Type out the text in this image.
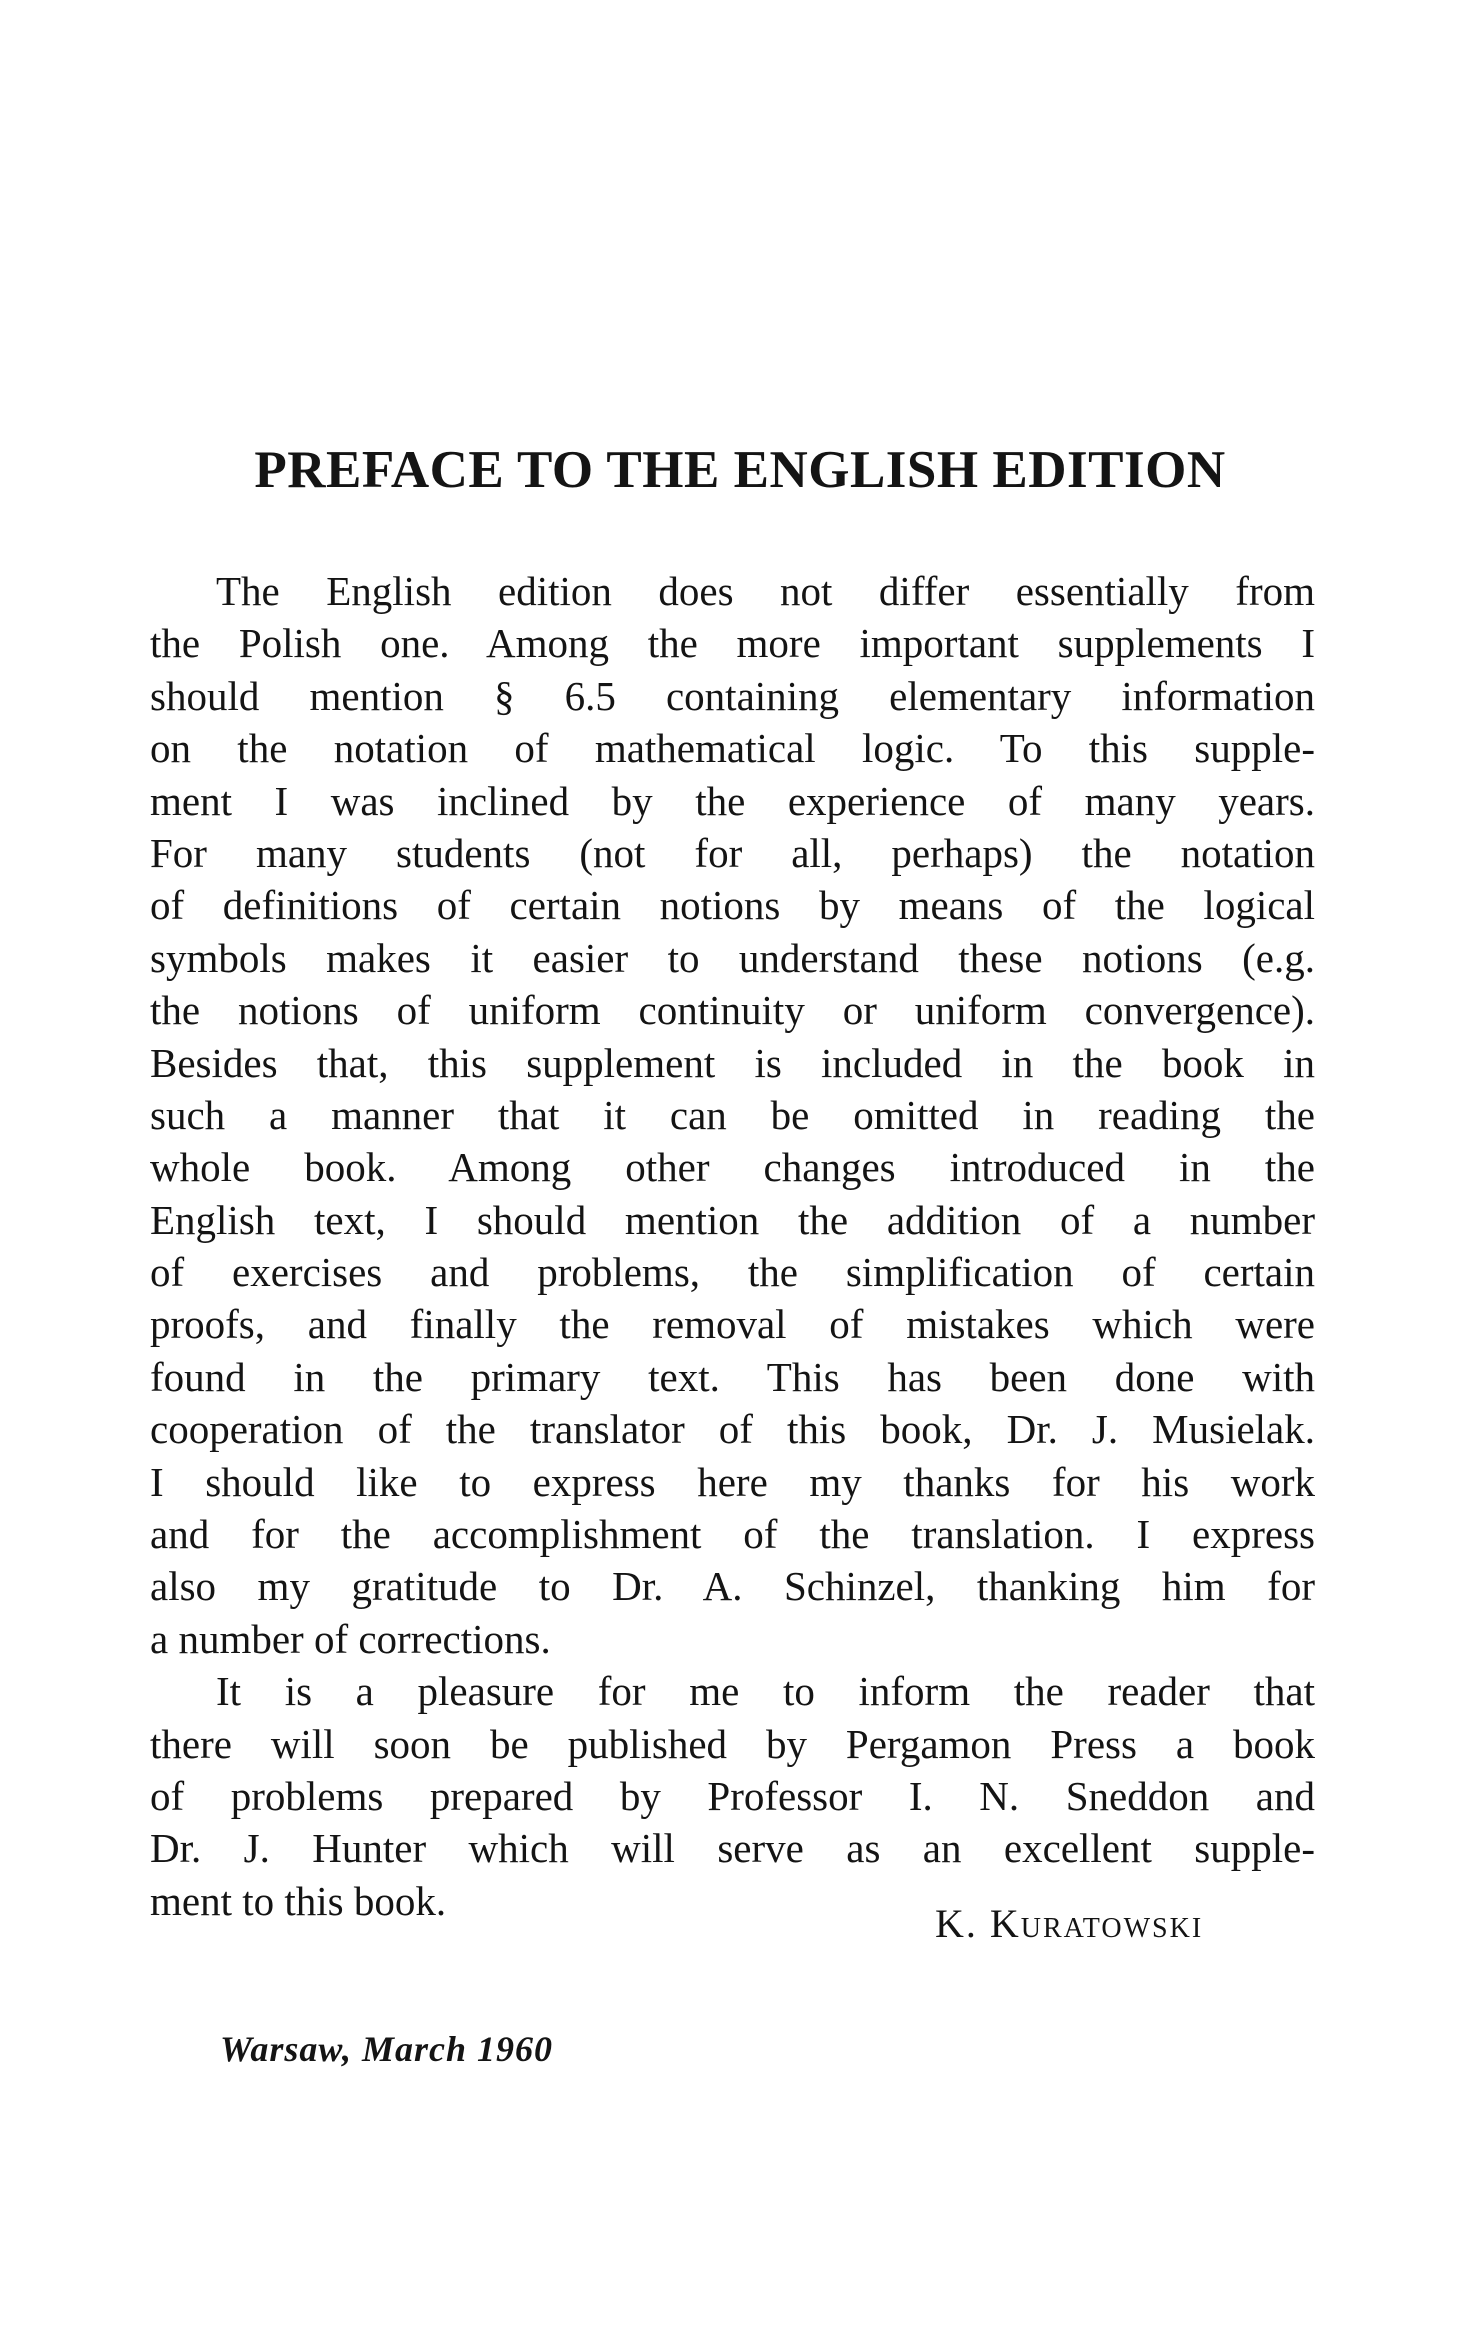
PREFACE TO THE ENGLISH EDITION
The English edition does not differ essentially from
the Polish one. Among the more important supplements I
should mention § 6.5 containing elementary information
on the notation of mathematical logic. To this supple-
ment I was inclined by the experience of many years.
For many students (not for all, perhaps) the notation
of definitions of certain notions by means of the logical
symbols makes it easier to understand these notions (e.g.
the notions of uniform continuity or uniform convergence).
Besides that, this supplement is included in the book in
such a manner that it can be omitted in reading the
whole book. Among other changes introduced in the
English text, I should mention the addition of a number
of exercises and problems, the simplification of certain
proofs, and finally the removal of mistakes which were
found in the primary text. This has been done with
cooperation of the translator of this book, Dr. J. Musielak.
I should like to express here my thanks for his work
and for the accomplishment of the translation. I express
also my gratitude to Dr. A. Schinzel, thanking him for
a number of corrections.
It is a pleasure for me to inform the reader that
there will soon be published by Pergamon Press a book
of problems prepared by Professor I. N. Sneddon and
Dr. J. Hunter which will serve as an excellent supple-
ment to this book.	K. Kuratowski
Warsaw, March 1960
